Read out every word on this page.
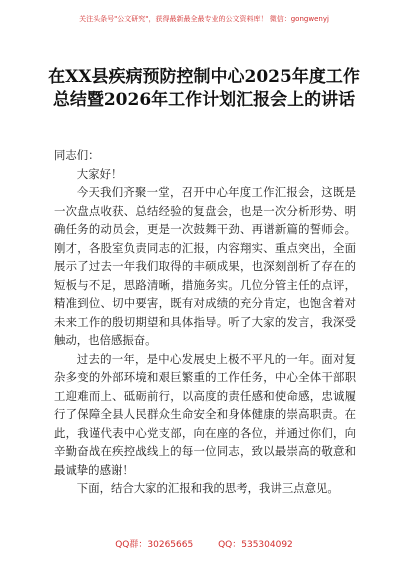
关注头条号"公文研究"，获得最新最全最专业的公文资料库！ 微信：gongwenyj
在XX县疾病预防控制中心2025年度工作总结暨2026年工作计划汇报会上的讲话

同志们：

大家好！

今天我们齐聚一堂，召开中心年度工作汇报会，这既是一次盘点收获、总结经验的复盘会，也是一次分析形势、明确任务的动员会，更是一次鼓舞干劲、再谱新篇的誓师会。刚才，各股室负责同志的汇报，内容翔实、重点突出，全面展示了过去一年我们取得的丰硕成果，也深刻剖析了存在的短板与不足，思路清晰，措施务实。几位分管主任的点评，精准到位、切中要害，既有对成绩的充分肯定，也饱含着对未来工作的殷切期望和具体指导。听了大家的发言，我深受触动，也倍感振奋。

过去的一年，是中心发展史上极不平凡的一年。面对复杂多变的外部环境和艰巨繁重的工作任务，中心全体干部职工迎难而上、砥砺前行，以高度的责任感和使命感，忠诚履行了保障全县人民群众生命安全和身体健康的崇高职责。在此，我谨代表中心党支部，向在座的各位，并通过你们，向辛勤奋战在疾控战线上的每一位同志，致以最崇高的敬意和最诚挚的感谢！

下面，结合大家的汇报和我的思考，我讲三点意见。

QQ群：30265665	QQ：535304092
